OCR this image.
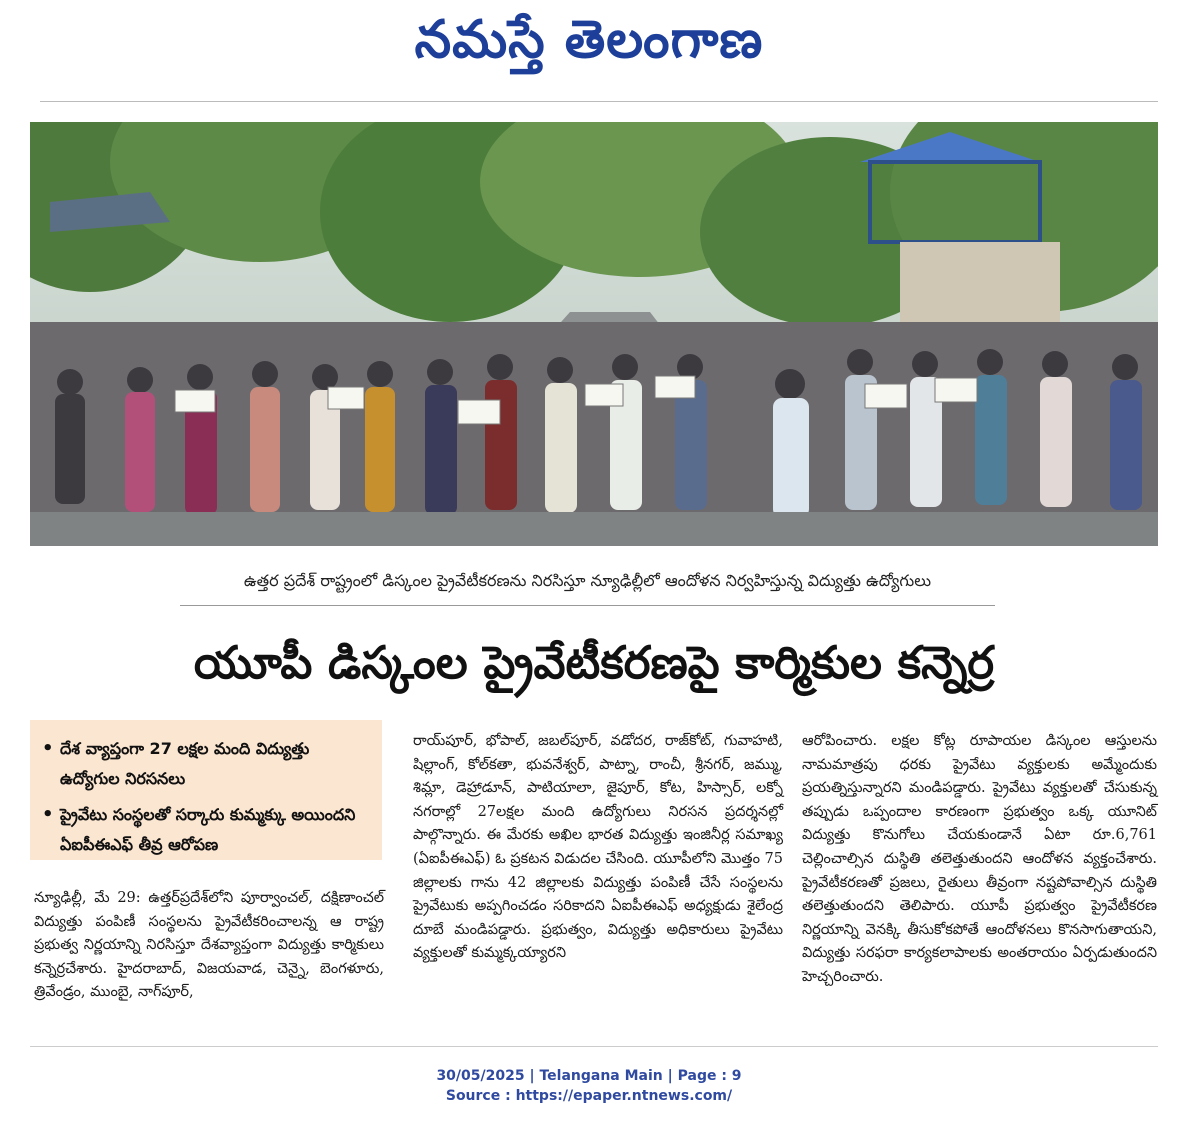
నమస్తే తెలంగాణ
ఉత్తర ప్రదేశ్ రాష్ట్రంలో డిస్కంల ప్రైవేటీకరణను నిరసిస్తూ న్యూఢిల్లీలో ఆందోళన నిర్వహిస్తున్న విద్యుత్తు ఉద్యోగులు
యూపీ డిస్కంల ప్రైవేటీకరణపై కార్మికుల కన్నెర్ర
• దేశ వ్యాప్తంగా 27 లక్షల మంది విద్యుత్తు ఉద్యోగుల నిరసనలు
• ప్రైవేటు సంస్థలతో సర్కారు కుమ్మక్కు అయిందని ఏఐపీఈఎఫ్ తీవ్ర ఆరోపణ

న్యూఢిల్లీ, మే 29: ఉత్తర్‌ప్రదేశ్‌లోని పూర్వాంచల్, దక్షిణాంచల్ విద్యుత్తు పంపిణీ సంస్థలను ప్రైవేటీకరించాలన్న ఆ రాష్ట్ర ప్రభుత్వ నిర్ణయాన్ని నిరసిస్తూ దేశవ్యాప్తంగా విద్యుత్తు కార్మికులు కన్నెర్రచేశారు. హైదరాబాద్, విజయవాడ, చెన్నై, బెంగళూరు, త్రివేండ్రం, ముంబై, నాగ్‌పూర్,

రాయ్‌పూర్, భోపాల్, జబల్‌పూర్, వడోదర, రాజ్‌కోట్, గువాహటి, షిల్లాంగ్, కోల్‌కతా, భువనేశ్వర్, పాట్నా, రాంచీ, శ్రీనగర్, జమ్ము, శిమ్లా, డెహ్రాడూన్, పాటియాలా, జైపూర్, కోట, హిస్సార్, లక్నో నగరాల్లో 27లక్షల మంది ఉద్యోగులు నిరసన ప్రదర్శనల్లో పాల్గొన్నారు. ఈ మేరకు అఖిల భారత విద్యుత్తు ఇంజినీర్ల సమాఖ్య (ఏఐపీఈఎఫ్) ఓ ప్రకటన విడుదల చేసింది. యూపీలోని మొత్తం 75 జిల్లాలకు గాను 42 జిల్లాలకు విద్యుత్తు పంపిణీ చేసే సంస్థలను ప్రైవేటుకు అప్పగించడం సరికాదని ఏఐపీఈఎఫ్ అధ్యక్షుడు శైలేంద్ర దూబే మండిపడ్డారు. ప్రభుత్వం, విద్యుత్తు అధికారులు ప్రైవేటు వ్యక్తులతో కుమ్మక్కయ్యారని

ఆరోపించారు. లక్షల కోట్ల రూపాయల డిస్కంల ఆస్తులను నామమాత్రపు ధరకు ప్రైవేటు వ్యక్తులకు అమ్మేందుకు ప్రయత్నిస్తున్నారని మండిపడ్డారు. ప్రైవేటు వ్యక్తులతో చేసుకున్న తప్పుడు ఒప్పందాల కారణంగా ప్రభుత్వం ఒక్క యూనిట్ విద్యుత్తు కొనుగోలు చేయకుండానే ఏటా రూ.6,761 చెల్లించాల్సిన దుస్థితి తలెత్తుతుందని ఆందోళన వ్యక్తంచేశారు. ప్రైవేటీకరణతో ప్రజలు, రైతులు తీవ్రంగా నష్టపోవాల్సిన దుస్థితి తలెత్తుతుందని తెలిపారు. యూపీ ప్రభుత్వం ప్రైవేటీకరణ నిర్ణయాన్ని వెనక్కి తీసుకోకపోతే ఆందోళనలు కొనసాగుతాయని, విద్యుత్తు సరఫరా కార్యకలాపాలకు అంతరాయం ఏర్పడుతుందని హెచ్చరించారు.

30/05/2025 | Telangana Main | Page : 9
Source : https://epaper.ntnews.com/
